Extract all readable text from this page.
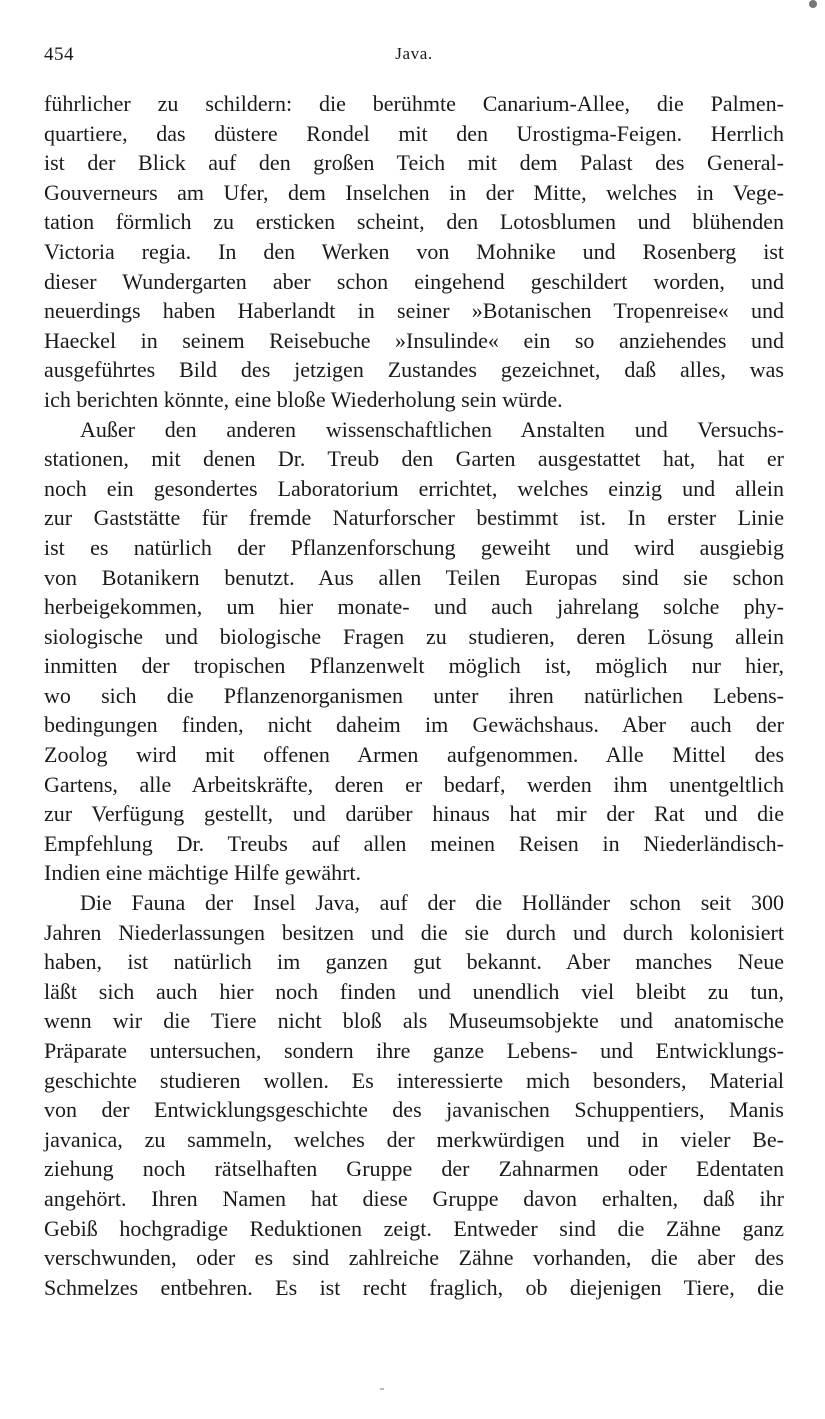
454	Java.
führlicher zu schildern: die berühmte Canarium-Allee, die Palmen-
quartiere, das düstere Rondel mit den Urostigma-Feigen. Herrlich
ist der Blick auf den großen Teich mit dem Palast des General-
Gouverneurs am Ufer, dem Inselchen in der Mitte, welches in Vege-
tation förmlich zu ersticken scheint, den Lotosblumen und blühenden
Victoria regia. In den Werken von Mohnike und Rosenberg ist
dieser Wundergarten aber schon eingehend geschildert worden, und
neuerdings haben Haberlandt in seiner »Botanischen Tropenreise« und
Haeckel in seinem Reisebuche »Insulinde« ein so anziehendes und
ausgeführtes Bild des jetzigen Zustandes gezeichnet, daß alles, was
ich berichten könnte, eine bloße Wiederholung sein würde.
Außer den anderen wissenschaftlichen Anstalten und Versuchs-
stationen, mit denen Dr. Treub den Garten ausgestattet hat, hat er
noch ein gesondertes Laboratorium errichtet, welches einzig und allein
zur Gaststätte für fremde Naturforscher bestimmt ist. In erster Linie
ist es natürlich der Pflanzenforschung geweiht und wird ausgiebig
von Botanikern benutzt. Aus allen Teilen Europas sind sie schon
herbeigekommen, um hier monate- und auch jahrelang solche phy-
siologische und biologische Fragen zu studieren, deren Lösung allein
inmitten der tropischen Pflanzenwelt möglich ist, möglich nur hier,
wo sich die Pflanzenorganismen unter ihren natürlichen Lebens-
bedingungen finden, nicht daheim im Gewächshaus. Aber auch der
Zoolog wird mit offenen Armen aufgenommen. Alle Mittel des
Gartens, alle Arbeitskräfte, deren er bedarf, werden ihm unentgeltlich
zur Verfügung gestellt, und darüber hinaus hat mir der Rat und die
Empfehlung Dr. Treubs auf allen meinen Reisen in Niederländisch-
Indien eine mächtige Hilfe gewährt.
Die Fauna der Insel Java, auf der die Holländer schon seit 300
Jahren Niederlassungen besitzen und die sie durch und durch kolonisiert
haben, ist natürlich im ganzen gut bekannt. Aber manches Neue
läßt sich auch hier noch finden und unendlich viel bleibt zu tun,
wenn wir die Tiere nicht bloß als Museumsobjekte und anatomische
Präparate untersuchen, sondern ihre ganze Lebens- und Entwicklungs-
geschichte studieren wollen. Es interessierte mich besonders, Material
von der Entwicklungsgeschichte des javanischen Schuppentiers, Manis
javanica, zu sammeln, welches der merkwürdigen und in vieler Be-
ziehung noch rätselhaften Gruppe der Zahnarmen oder Edentaten
angehört. Ihren Namen hat diese Gruppe davon erhalten, daß ihr
Gebiß hochgradige Reduktionen zeigt. Entweder sind die Zähne ganz
verschwunden, oder es sind zahlreiche Zähne vorhanden, die aber des
Schmelzes entbehren. Es ist recht fraglich, ob diejenigen Tiere, die
